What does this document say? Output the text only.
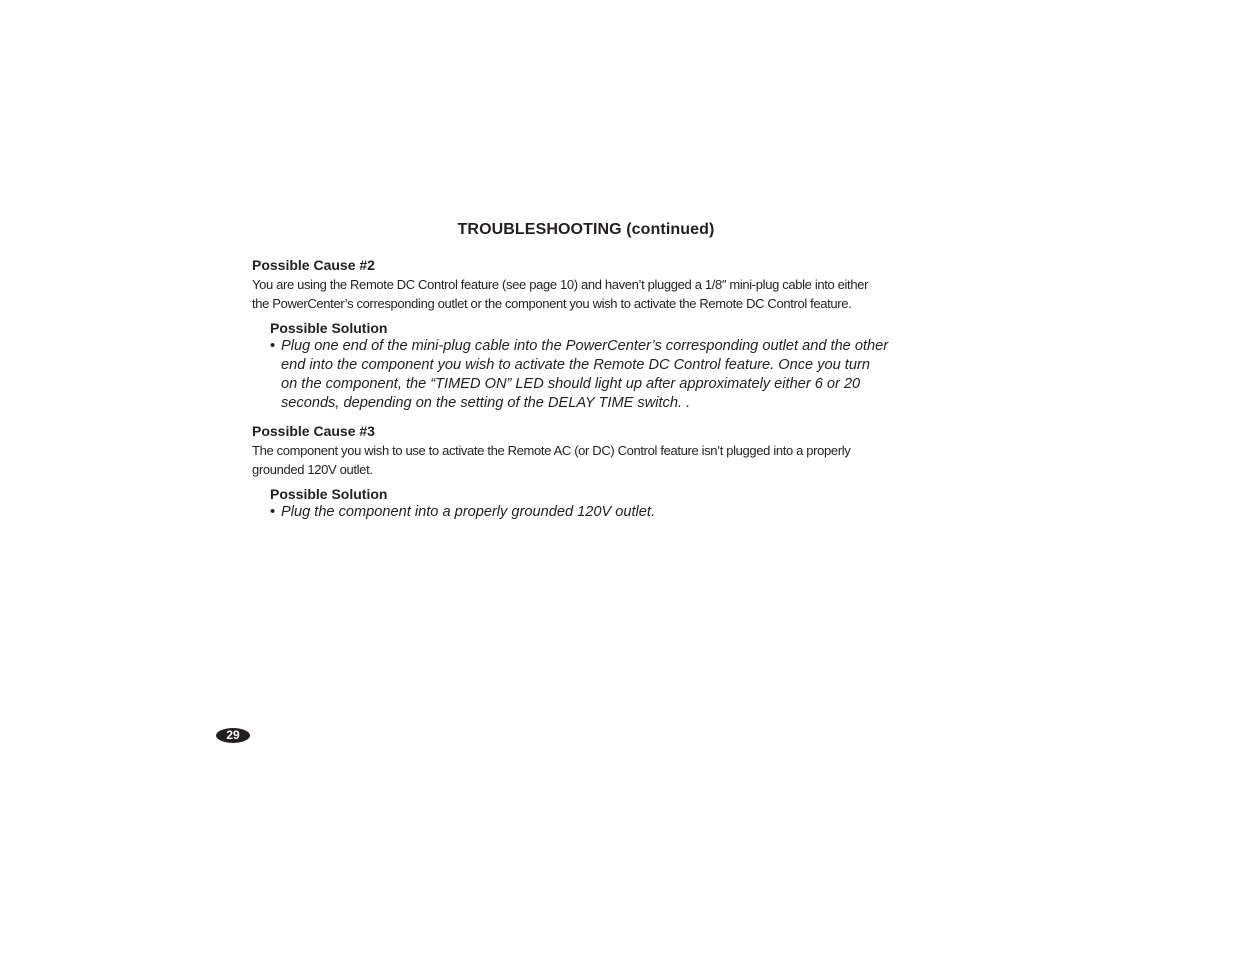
TROUBLESHOOTING (continued)
Possible Cause #2
You are using the Remote DC Control feature (see page 10) and haven’t plugged a 1/8″ mini-plug cable into either
the PowerCenter’s corresponding outlet or the component you wish to activate the Remote DC Control feature.
Possible Solution
• Plug one end of the mini-plug cable into the PowerCenter’s corresponding outlet and the other
end into the component you wish to activate the Remote DC Control feature. Once you turn
on the component, the “TIMED ON” LED should light up after approximately either 6 or 20
seconds, depending on the setting of the DELAY TIME switch. .
Possible Cause #3
The component you wish to use to activate the Remote AC (or DC) Control feature isn’t plugged into a properly
grounded 120V outlet.
Possible Solution
• Plug the component into a properly grounded 120V outlet.
29
